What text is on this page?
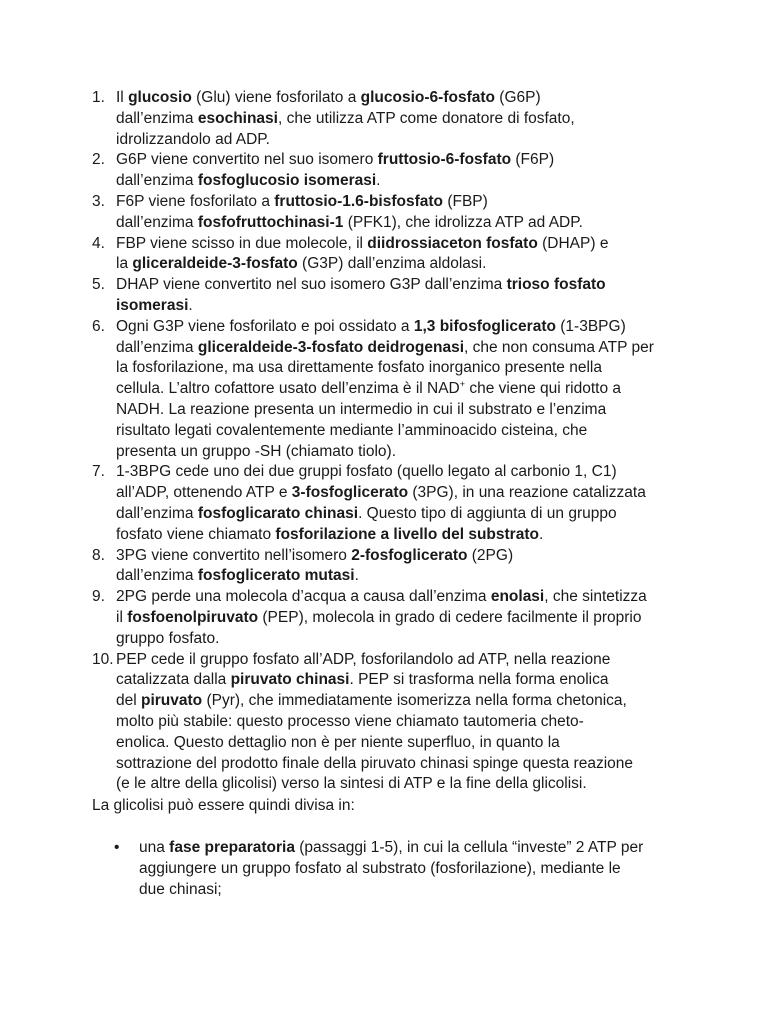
1. Il glucosio (Glu) viene fosforilato a glucosio-6-fosfato (G6P)
dall’enzima esochinasi, che utilizza ATP come donatore di fosfato,
idrolizzandolo ad ADP.
2. G6P viene convertito nel suo isomero fruttosio-6-fosfato (F6P)
dall’enzima fosfoglucosio isomerasi.
3. F6P viene fosforilato a fruttosio-1.6-bisfosfato (FBP)
dall’enzima fosfofruttochinasi-1 (PFK1), che idrolizza ATP ad ADP.
4. FBP viene scisso in due molecole, il diidrossiaceton fosfato (DHAP) e
la gliceraldeide-3-fosfato (G3P) dall’enzima aldolasi.
5. DHAP viene convertito nel suo isomero G3P dall’enzima trioso fosfato
isomerasi.
6. Ogni G3P viene fosforilato e poi ossidato a 1,3 bifosfoglicerato (1-3BPG)
dall’enzima gliceraldeide-3-fosfato deidrogenasi, che non consuma ATP per
la fosforilazione, ma usa direttamente fosfato inorganico presente nella
cellula. L’altro cofattore usato dell’enzima è il NAD+ che viene qui ridotto a
NADH. La reazione presenta un intermedio in cui il substrato e l’enzima
risultato legati covalentemente mediante l’amminoacido cisteina, che
presenta un gruppo -SH (chiamato tiolo).
7. 1-3BPG cede uno dei due gruppi fosfato (quello legato al carbonio 1, C1)
all’ADP, ottenendo ATP e 3-fosfoglicerato (3PG), in una reazione catalizzata
dall’enzima fosfoglicarato chinasi. Questo tipo di aggiunta di un gruppo
fosfato viene chiamato fosforilazione a livello del substrato.
8. 3PG viene convertito nell’isomero 2-fosfoglicerato (2PG)
dall’enzima fosfoglicerato mutasi.
9. 2PG perde una molecola d’acqua a causa dall’enzima enolasi, che sintetizza
il fosfoenolpiruvato (PEP), molecola in grado di cedere facilmente il proprio
gruppo fosfato.
10. PEP cede il gruppo fosfato all’ADP, fosforilandolo ad ATP, nella reazione
catalizzata dalla piruvato chinasi. PEP si trasforma nella forma enolica
del piruvato (Pyr), che immediatamente isomerizza nella forma chetonica,
molto più stabile: questo processo viene chiamato tautomeria cheto-
enolica. Questo dettaglio non è per niente superfluo, in quanto la
sottrazione del prodotto finale della piruvato chinasi spinge questa reazione
(e le altre della glicolisi) verso la sintesi di ATP e la fine della glicolisi.
La glicolisi può essere quindi divisa in:
• una fase preparatoria (passaggi 1-5), in cui la cellula “investe” 2 ATP per
aggiungere un gruppo fosfato al substrato (fosforilazione), mediante le
due chinasi;
